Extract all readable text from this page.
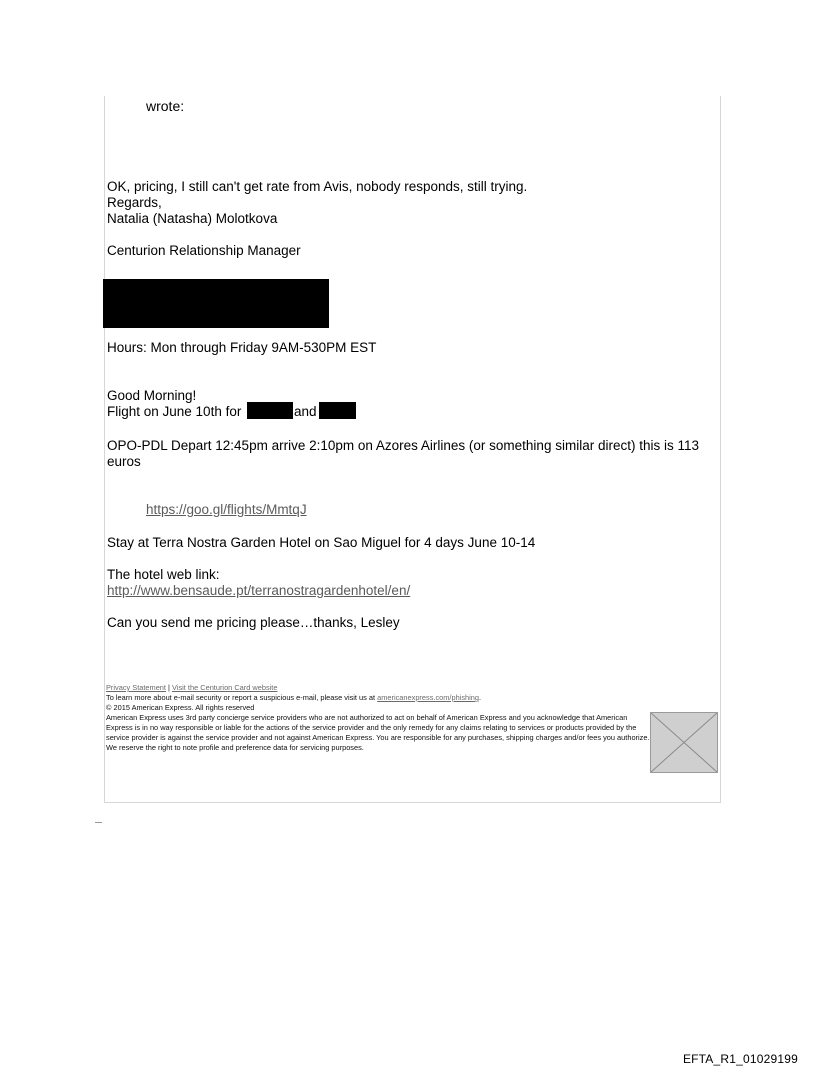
wrote:
OK, pricing, I still can't get rate from Avis, nobody responds, still trying.
Regards,
Natalia (Natasha) Molotkova
Centurion Relationship Manager
Hours: Mon through Friday 9AM-530PM EST
Good Morning!
Flight on June 10th for	and
OPO-PDL Depart 12:45pm arrive 2:10pm on Azores Airlines (or something similar direct) this is 113 euros
https://goo.gl/flights/MmtqJ
Stay at Terra Nostra Garden Hotel on Sao Miguel for 4 days June 10-14
The hotel web link:
http://www.bensaude.pt/terranostragardenhotel/en/
Can you send me pricing please…thanks, Lesley
Privacy Statement | Visit the Centurion Card website
To learn more about e-mail security or report a suspicious e-mail, please visit us at americanexpress.com/phishing.
© 2015 American Express. All rights reserved
American Express uses 3rd party concierge service providers who are not authorized to act on behalf of American Express and you acknowledge that American Express is in no way responsible or liable for the actions of the service provider and the only remedy for any claims relating to services or products provided by the service provider is against the service provider and not against American Express. You are responsible for any purchases, shipping charges and/or fees you authorize. We reserve the right to note profile and preference data for servicing purposes.

EFTA_R1_01029199
